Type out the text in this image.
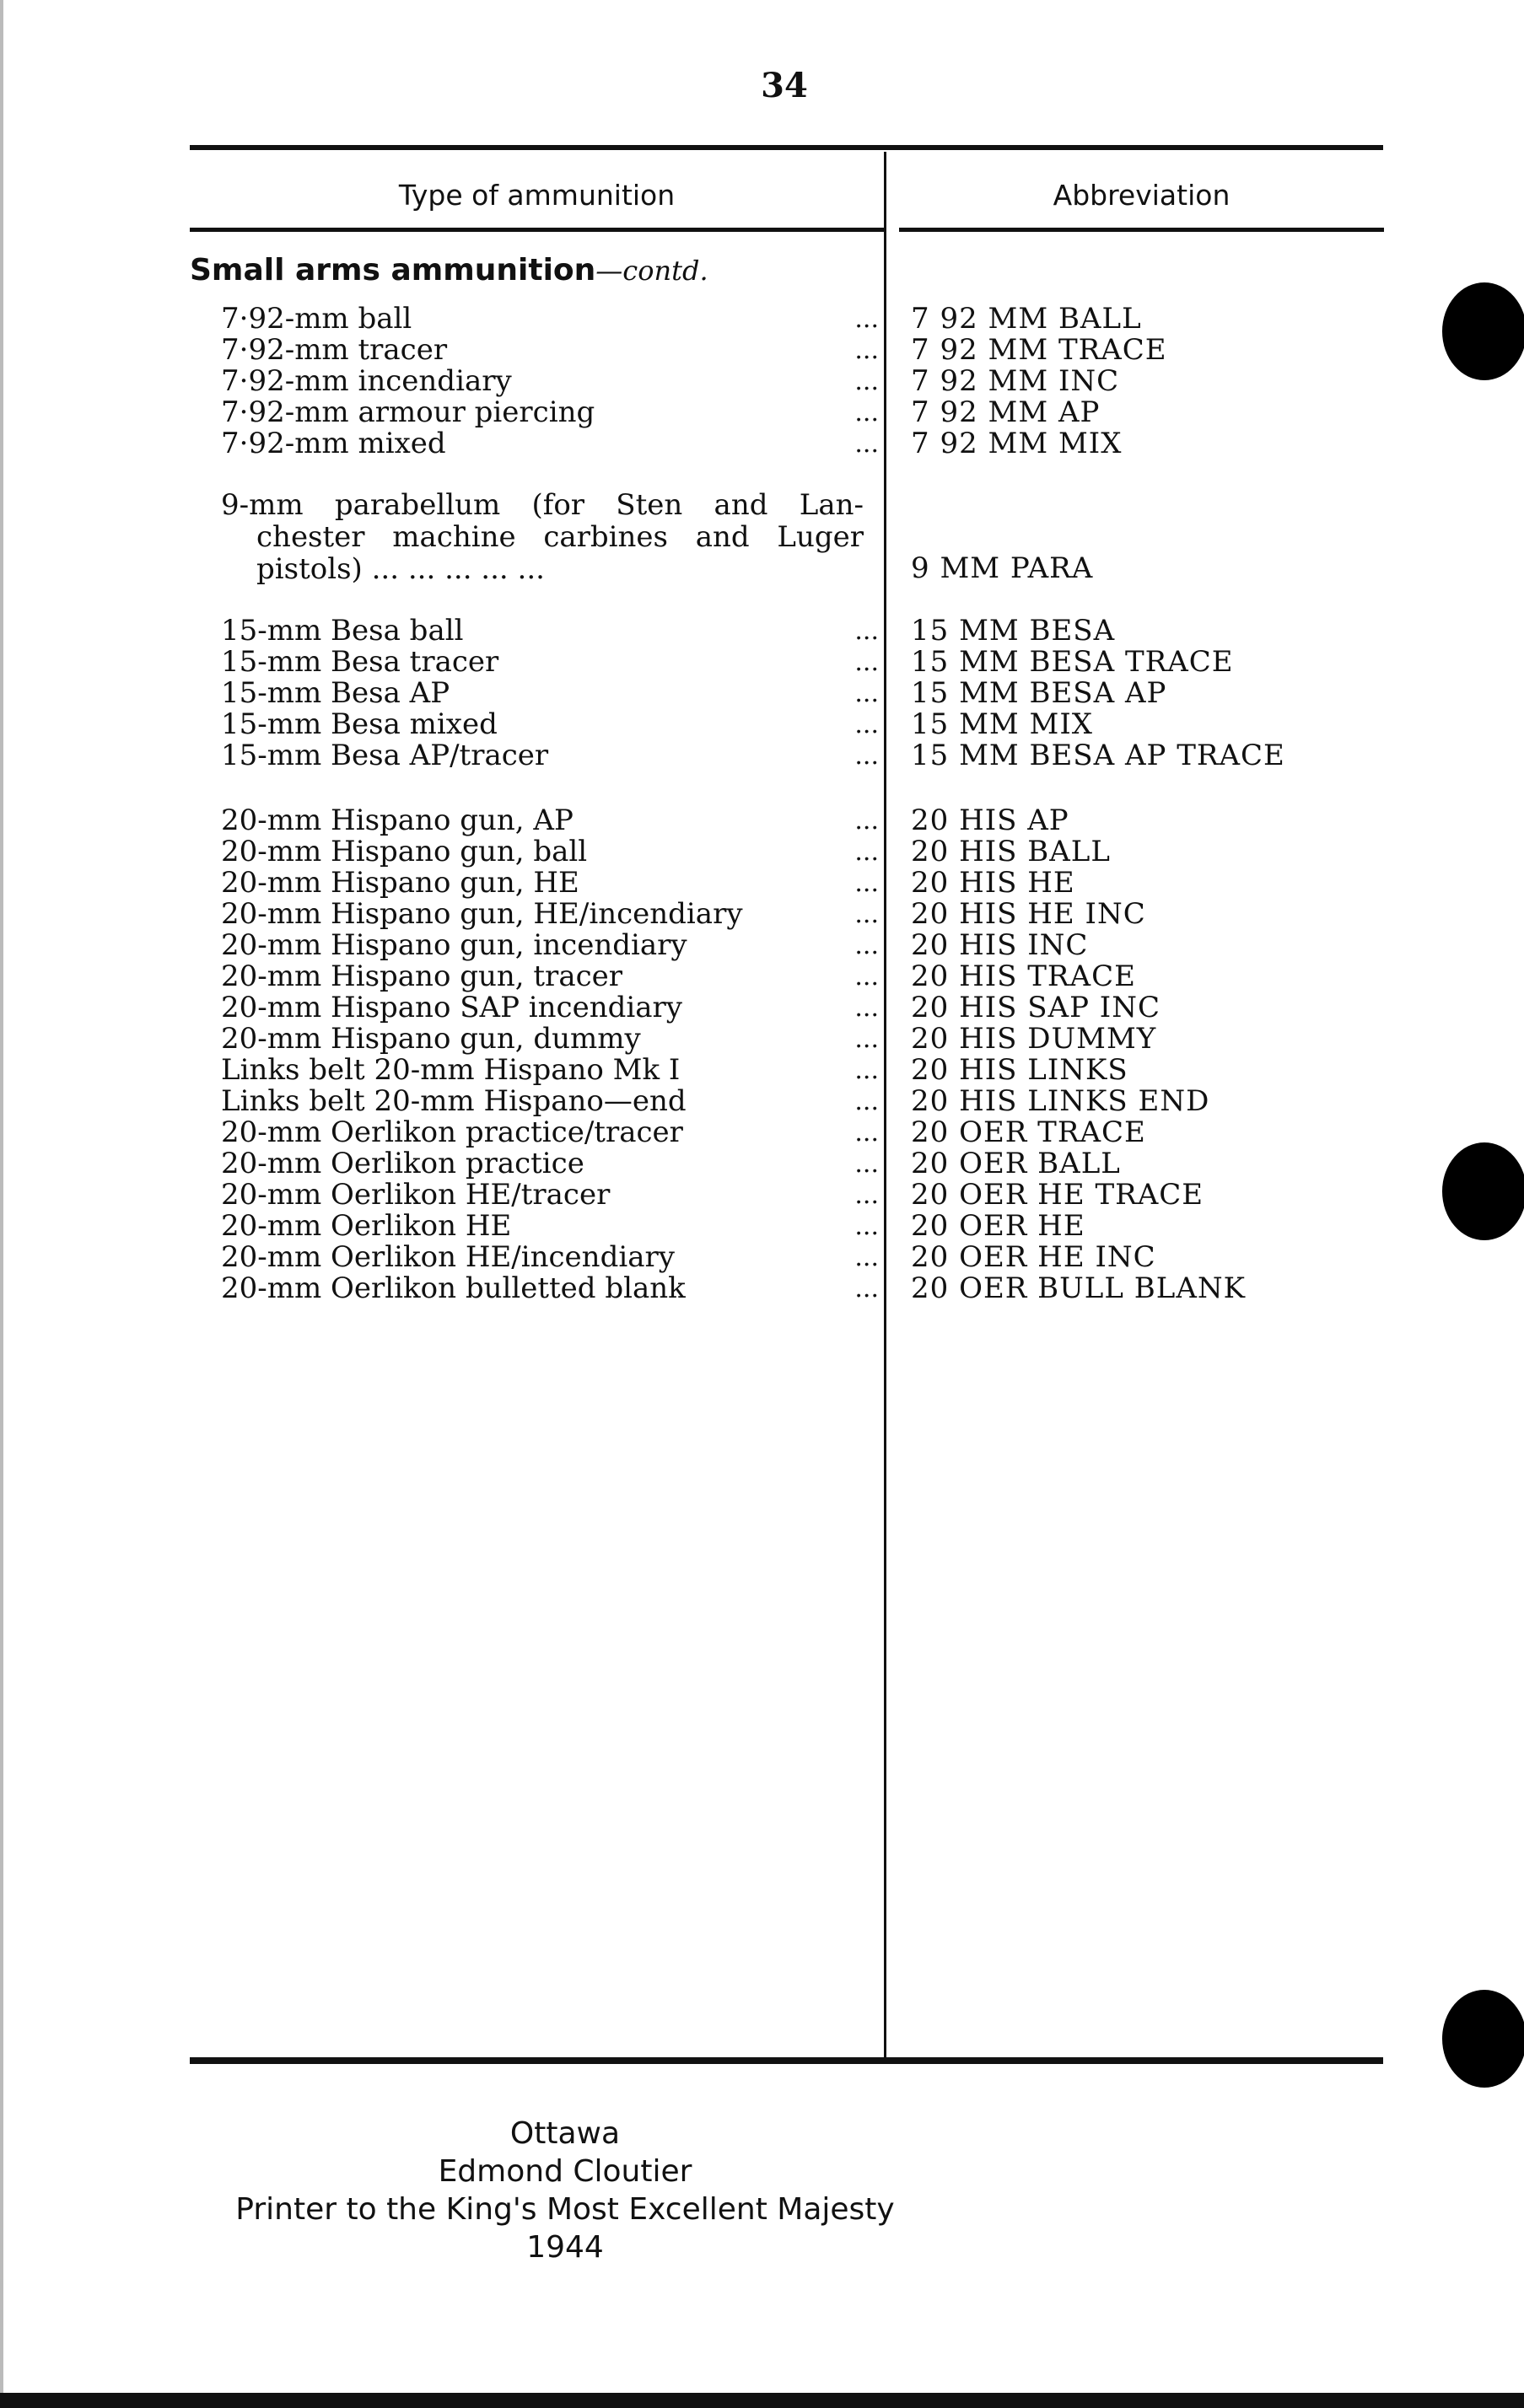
34
Type of ammunition	Abbreviation
Small arms ammunition—contd.
7·92-mm ball	... 7 92 MM BALL
7·92-mm tracer	... 7 92 MM TRACE
7·92-mm incendiary	... 7 92 MM INC
7·92-mm armour piercing	... 7 92 MM AP
7·92-mm mixed	... 7 92 MM MIX
9-mm parabellum (for Sten and Lan-
chester machine carbines and Luger
pistols) ... ... ... ... ...	9 MM PARA
15-mm Besa ball	... 15 MM BESA
15-mm Besa tracer	... 15 MM BESA TRACE
15-mm Besa AP	... 15 MM BESA AP
15-mm Besa mixed	... 15 MM MIX
15-mm Besa AP/tracer	... 15 MM BESA AP TRACE
20-mm Hispano gun, AP	... 20 HIS AP
20-mm Hispano gun, ball	... 20 HIS BALL
20-mm Hispano gun, HE	... 20 HIS HE
20-mm Hispano gun, HE/incendiary	... 20 HIS HE INC
20-mm Hispano gun, incendiary	... 20 HIS INC
20-mm Hispano gun, tracer	... 20 HIS TRACE
20-mm Hispano SAP incendiary	... 20 HIS SAP INC
20-mm Hispano gun, dummy	... 20 HIS DUMMY
Links belt 20-mm Hispano Mk I	... 20 HIS LINKS
Links belt 20-mm Hispano—end	... 20 HIS LINKS END
20-mm Oerlikon practice/tracer	... 20 OER TRACE
20-mm Oerlikon practice	... 20 OER BALL
20-mm Oerlikon HE/tracer	... 20 OER HE TRACE
20-mm Oerlikon HE	... 20 OER HE
20-mm Oerlikon HE/incendiary	... 20 OER HE INC
20-mm Oerlikon bulletted blank	... 20 OER BULL BLANK
Ottawa
Edmond Cloutier
Printer to the King's Most Excellent Majesty
1944
